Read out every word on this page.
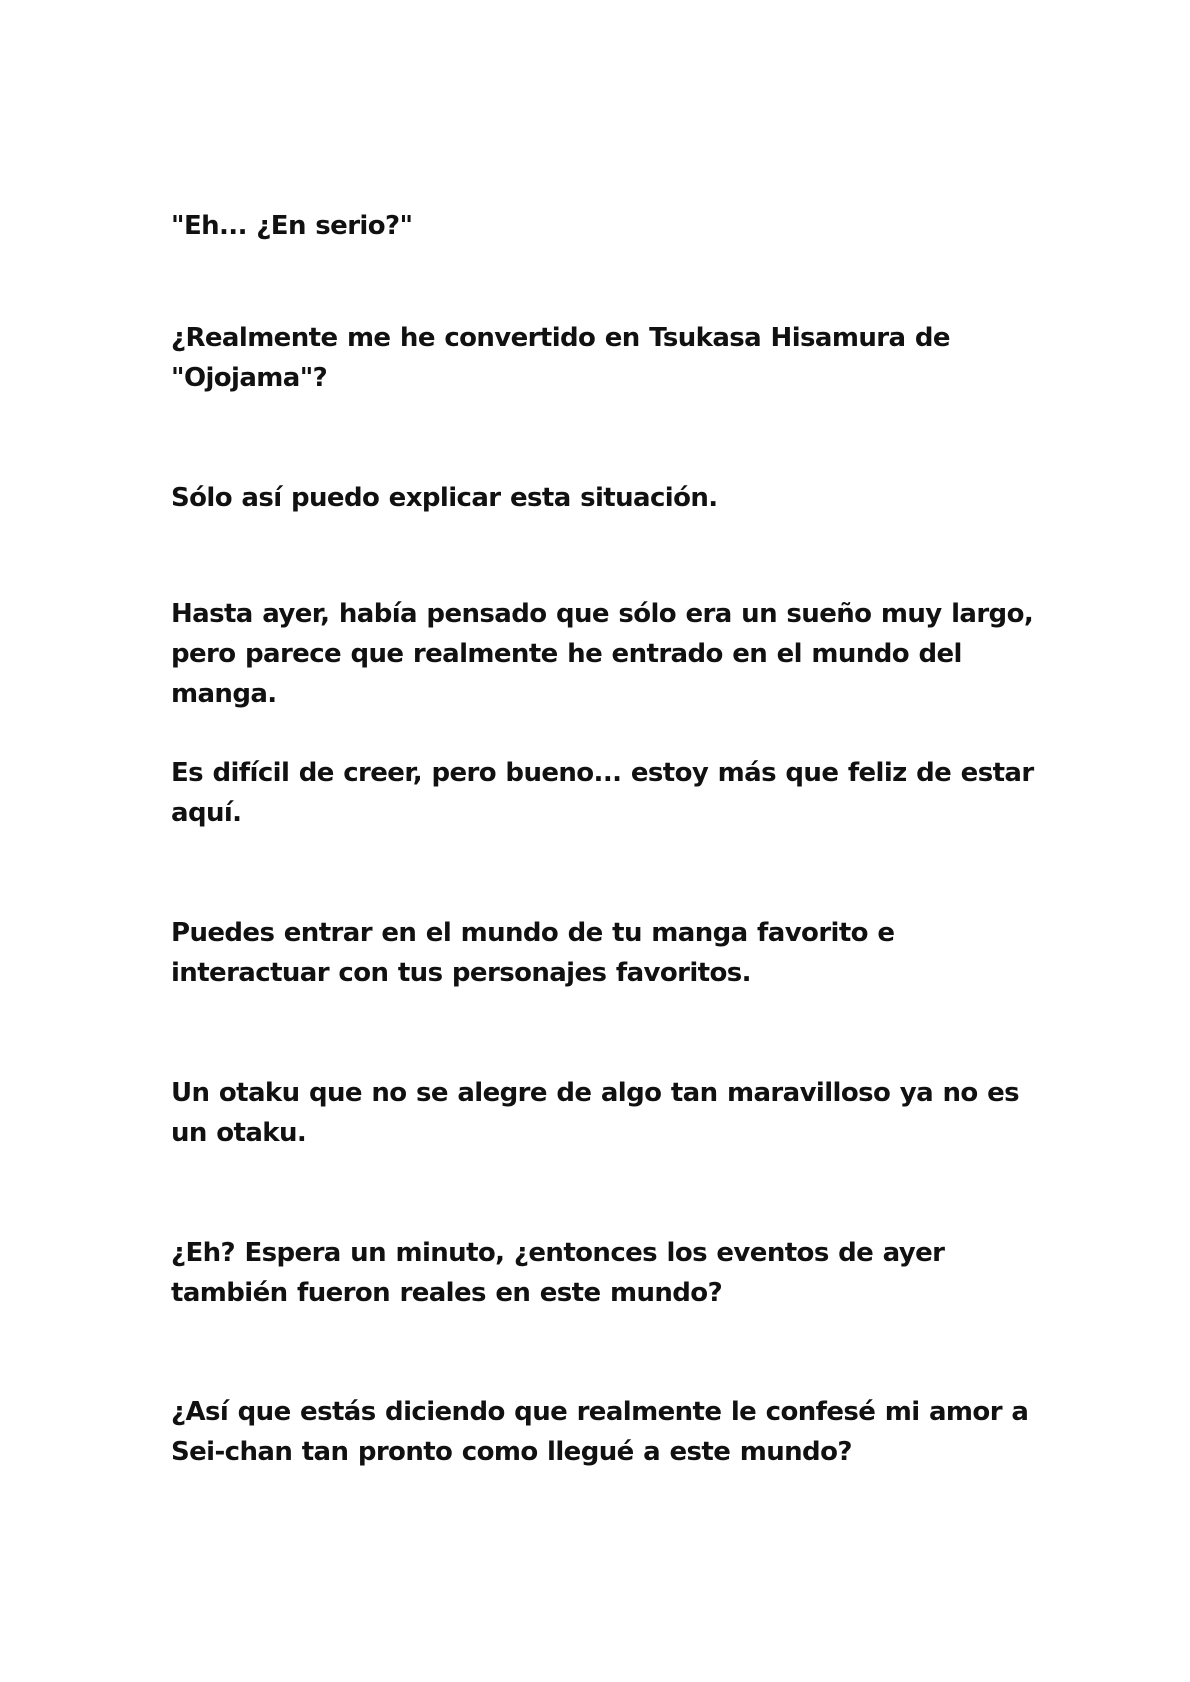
"Eh... ¿En serio?"

¿Realmente me he convertido en Tsukasa Hisamura de "Ojojama"?

Sólo así puedo explicar esta situación.

Hasta ayer, había pensado que sólo era un sueño muy largo, pero parece que realmente he entrado en el mundo del manga.

Es difícil de creer, pero bueno... estoy más que feliz de estar aquí.

Puedes entrar en el mundo de tu manga favorito e interactuar con tus personajes favoritos.

Un otaku que no se alegre de algo tan maravilloso ya no es un otaku.

¿Eh? Espera un minuto, ¿entonces los eventos de ayer también fueron reales en este mundo?

¿Así que estás diciendo que realmente le confesé mi amor a Sei-chan tan pronto como llegué a este mundo?
